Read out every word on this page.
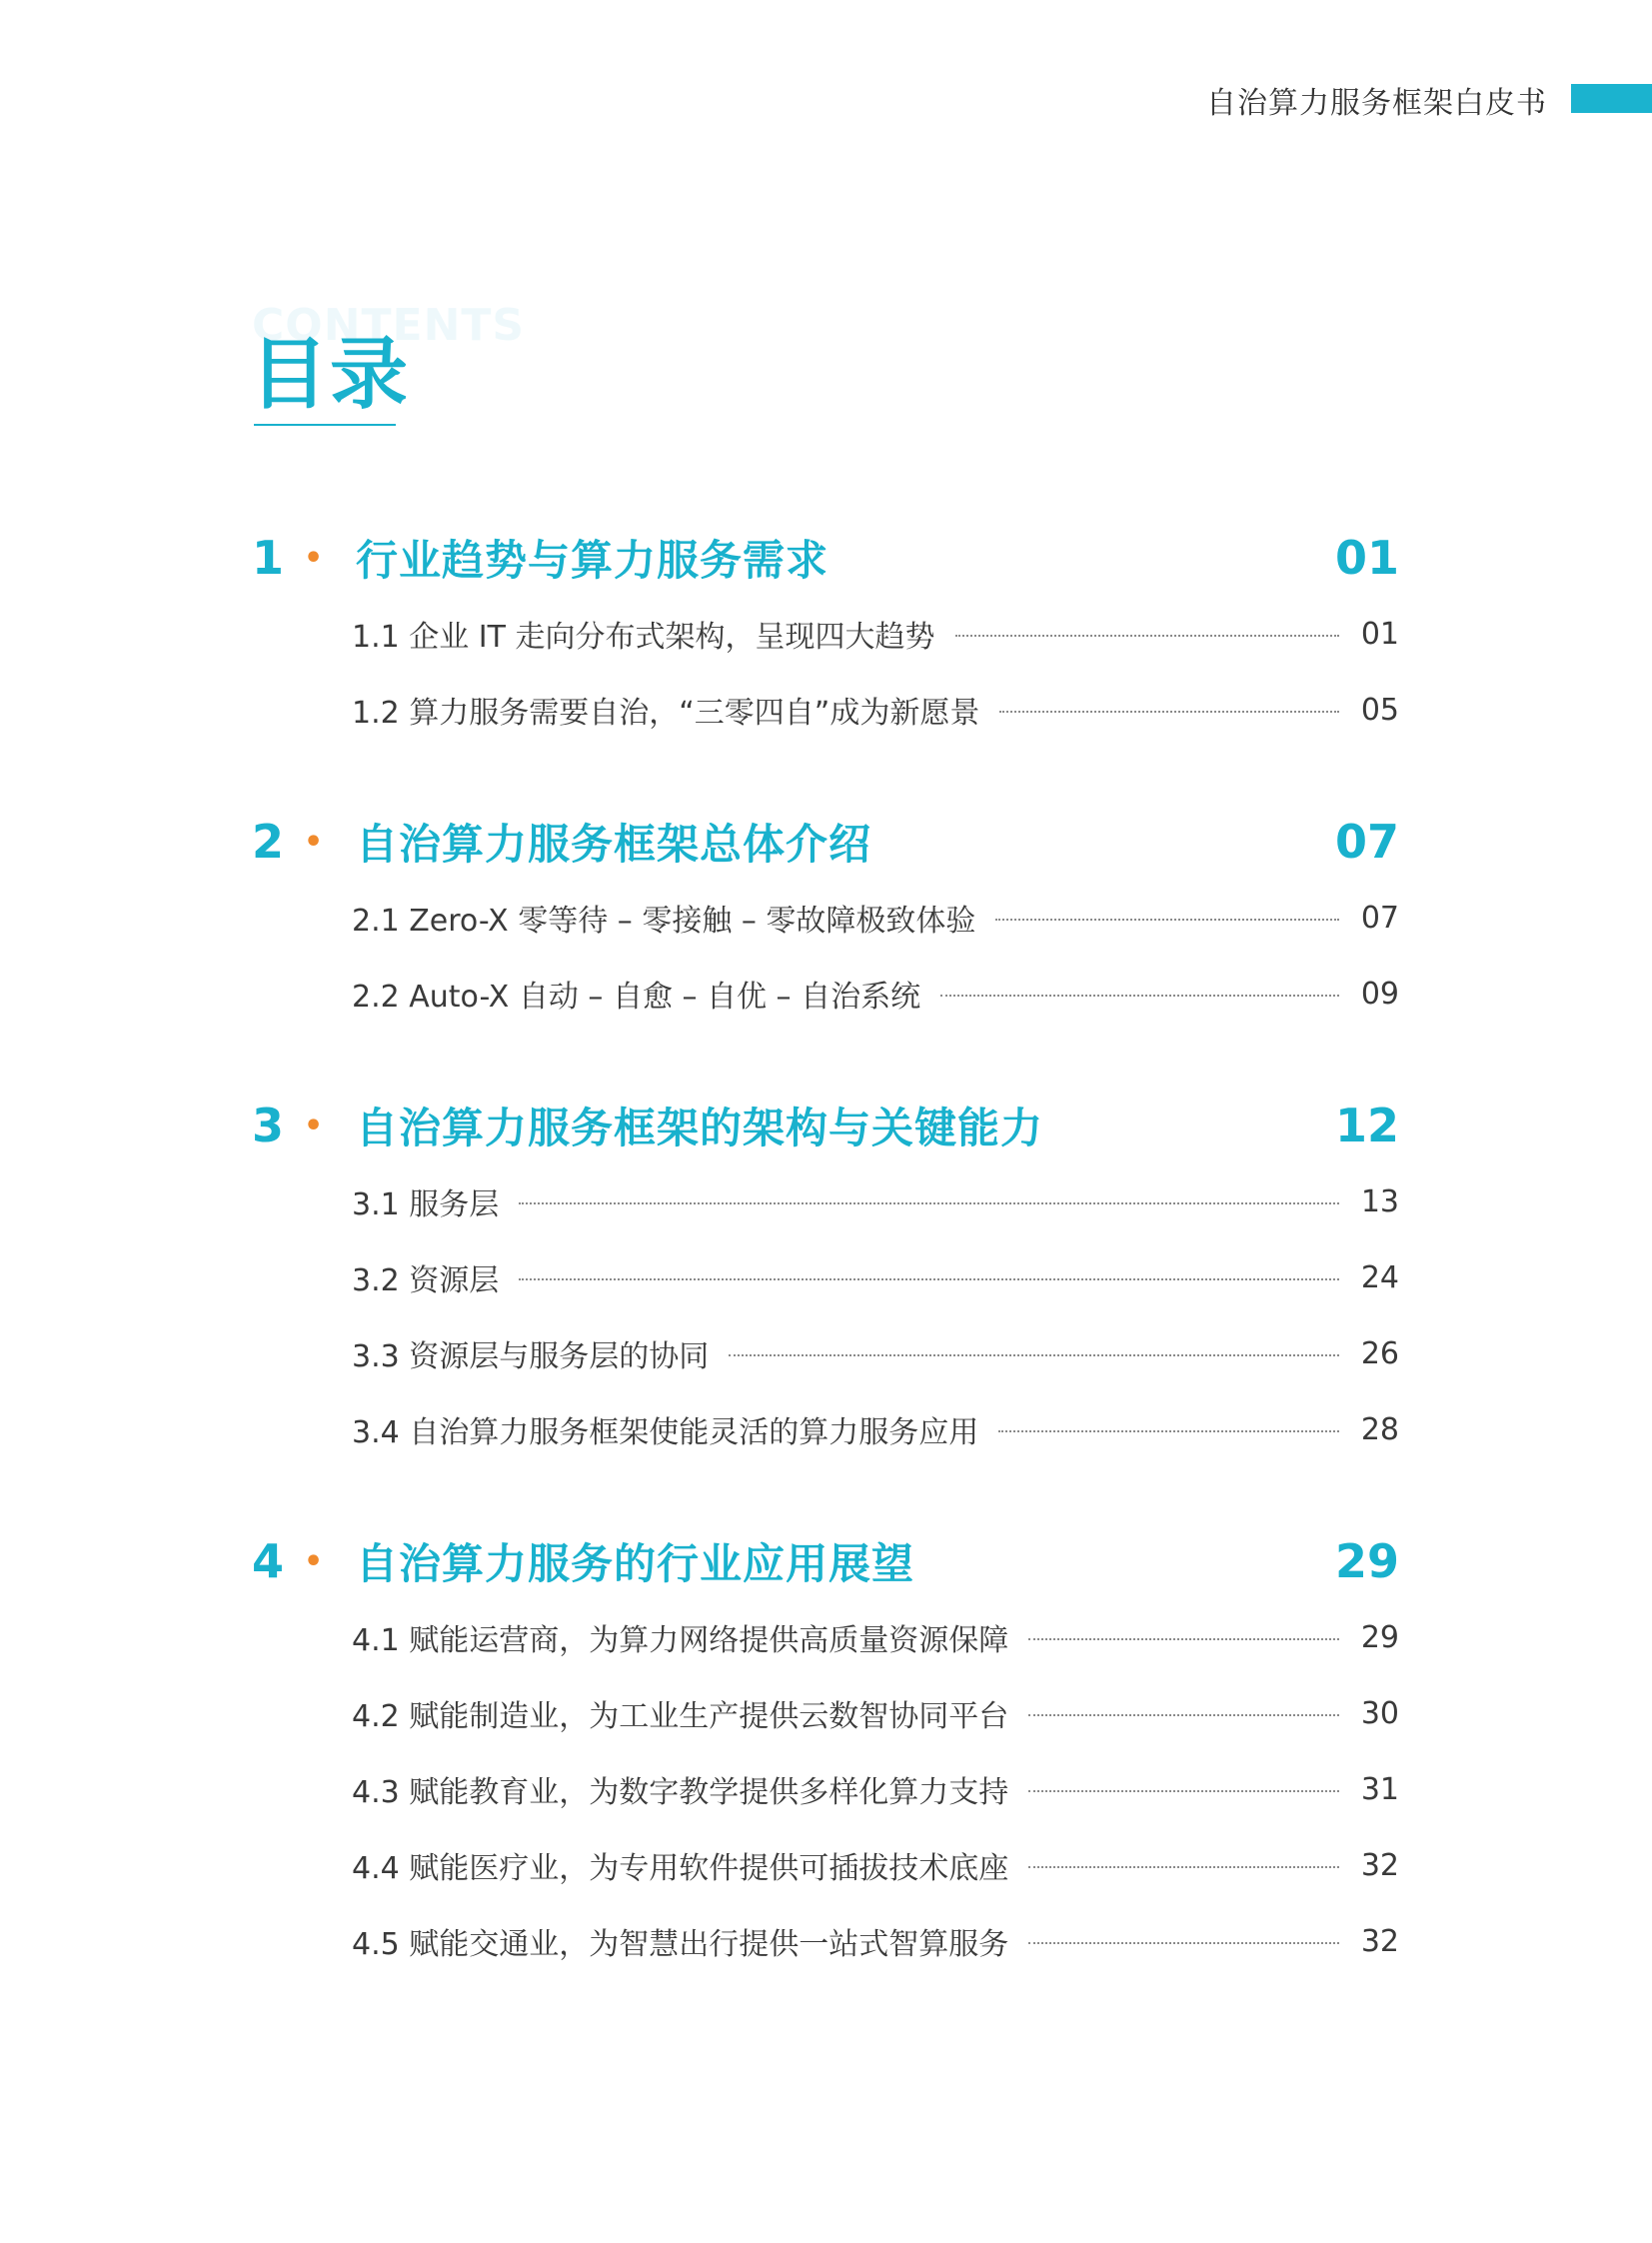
自治算力服务框架白皮书
CONTENTS
目录
1 • 行业趋势与算力服务需求	01
1.1 企业 IT 走向分布式架构，呈现四大趋势	01
1.2 算力服务需要自治，“三零四自”成为新愿景	05
2 • 自治算力服务框架总体介绍	07
2.1 Zero-X 零等待 – 零接触 – 零故障极致体验	07
2.2 Auto-X 自动 – 自愈 – 自优 – 自治系统	09
3 • 自治算力服务框架的架构与关键能力	12
3.1 服务层	13
3.2 资源层	24
3.3 资源层与服务层的协同	26
3.4 自治算力服务框架使能灵活的算力服务应用	28
4 • 自治算力服务的行业应用展望	29
4.1 赋能运营商，为算力网络提供高质量资源保障	29
4.2 赋能制造业，为工业生产提供云数智协同平台	30
4.3 赋能教育业，为数字教学提供多样化算力支持	31
4.4 赋能医疗业，为专用软件提供可插拔技术底座	32
4.5 赋能交通业，为智慧出行提供一站式智算服务	32
